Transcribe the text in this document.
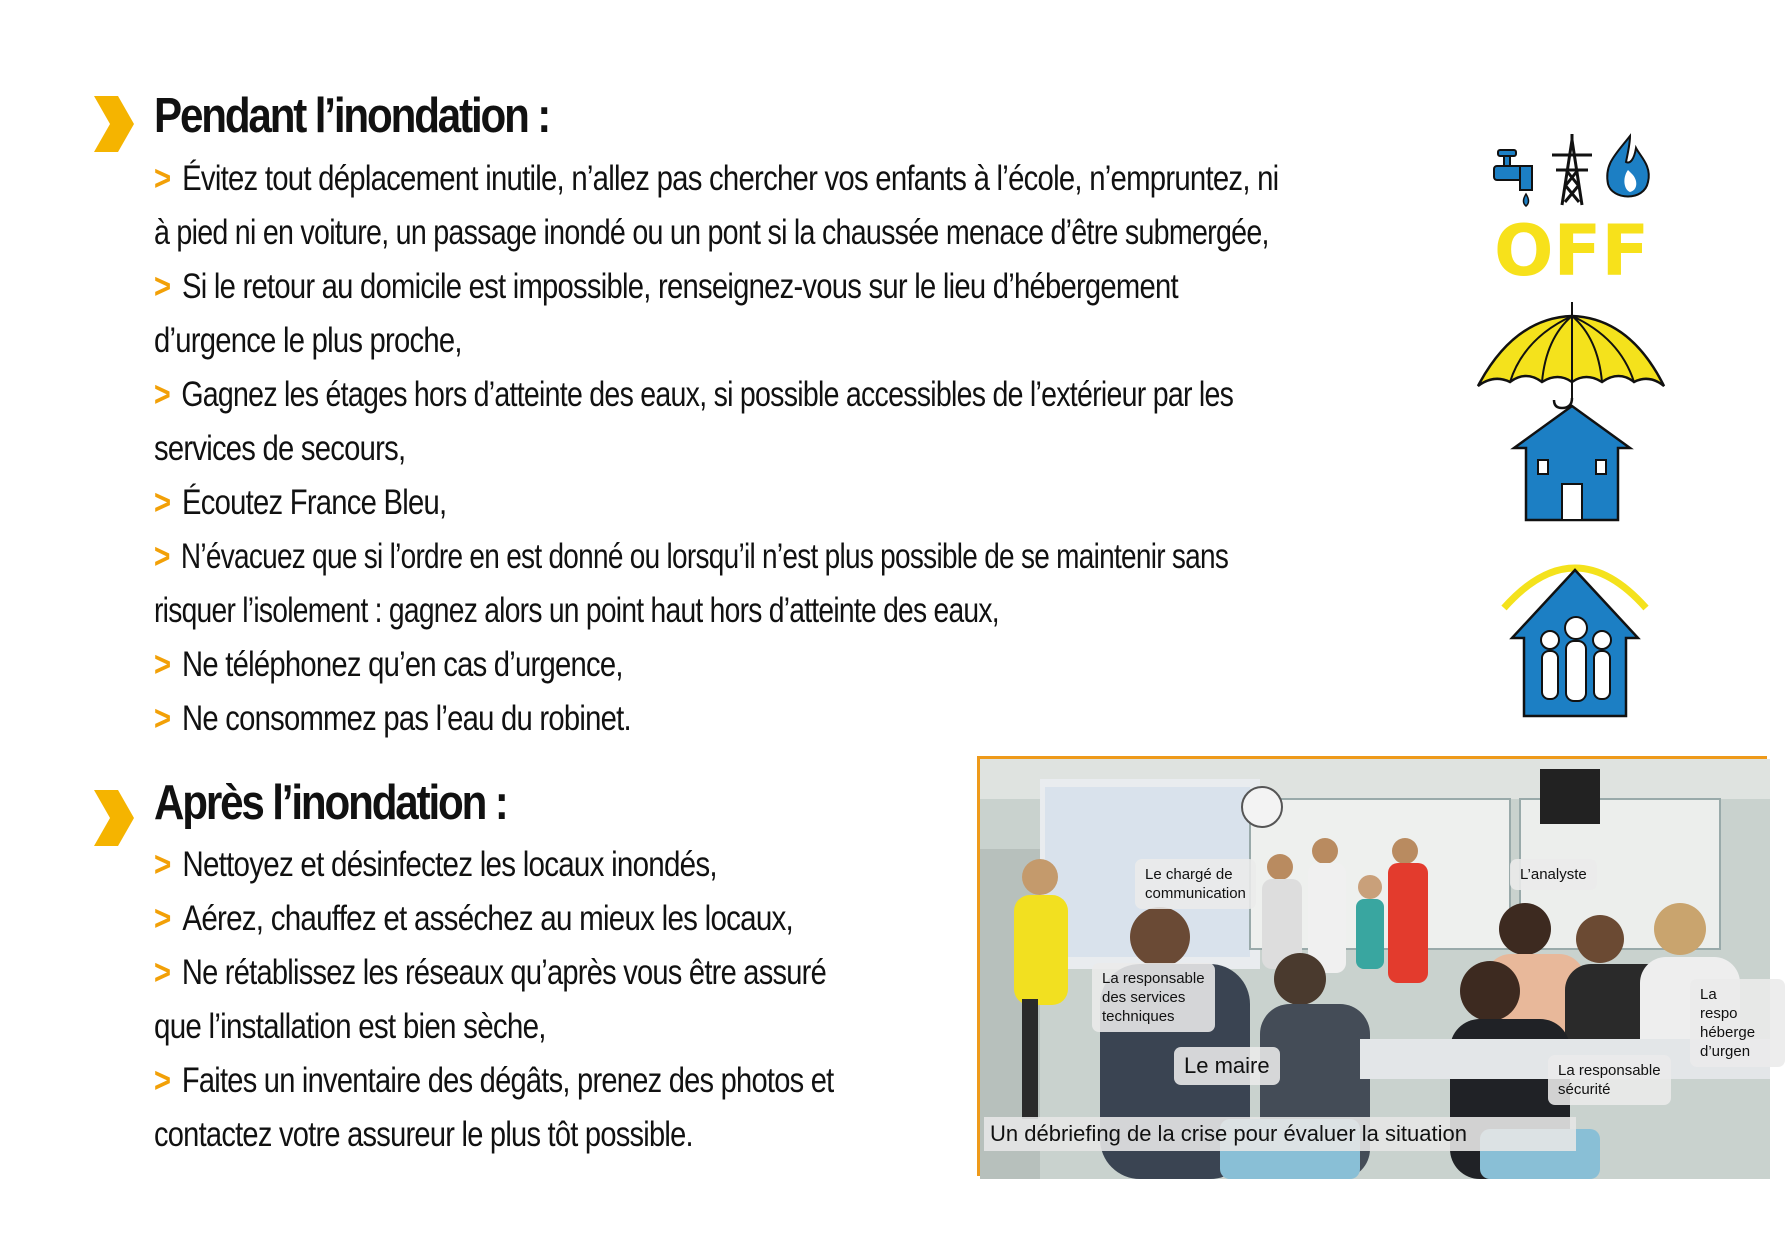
Pendant l’inondation :
> Évitez tout déplacement inutile, n’allez pas chercher vos enfants à l’école, n’empruntez, ni
à pied ni en voiture, un passage inondé ou un pont si la chaussée menace d’être submergée,
> Si le retour au domicile est impossible, renseignez-vous sur le lieu d’hébergement
d’urgence le plus proche,
> Gagnez les étages hors d’atteinte des eaux, si possible accessibles de l’extérieur par les
services de secours,
> Écoutez France Bleu,
> N’évacuez que si l’ordre en est donné ou lorsqu’il n’est plus possible de se maintenir sans
risquer l’isolement : gagnez alors un point haut hors d’atteinte des eaux,
> Ne téléphonez qu’en cas d’urgence,
> Ne consommez pas l’eau du robinet.
OFF
Après l’inondation :
> Nettoyez et désinfectez les locaux inondés,
> Aérez, chauffez et asséchez au mieux les locaux,
> Ne rétablissez les réseaux qu’après vous être assuré
que l’installation est bien sèche,
> Faites un inventaire des dégâts, prenez des photos et
contactez votre assureur le plus tôt possible.
Le chargé de
communication
L’analyste
La responsable
des services
techniques
Le maire	La responsable
sécurité
La respo
héberge
d’urgen
Un débriefing de la crise pour évaluer la situation
